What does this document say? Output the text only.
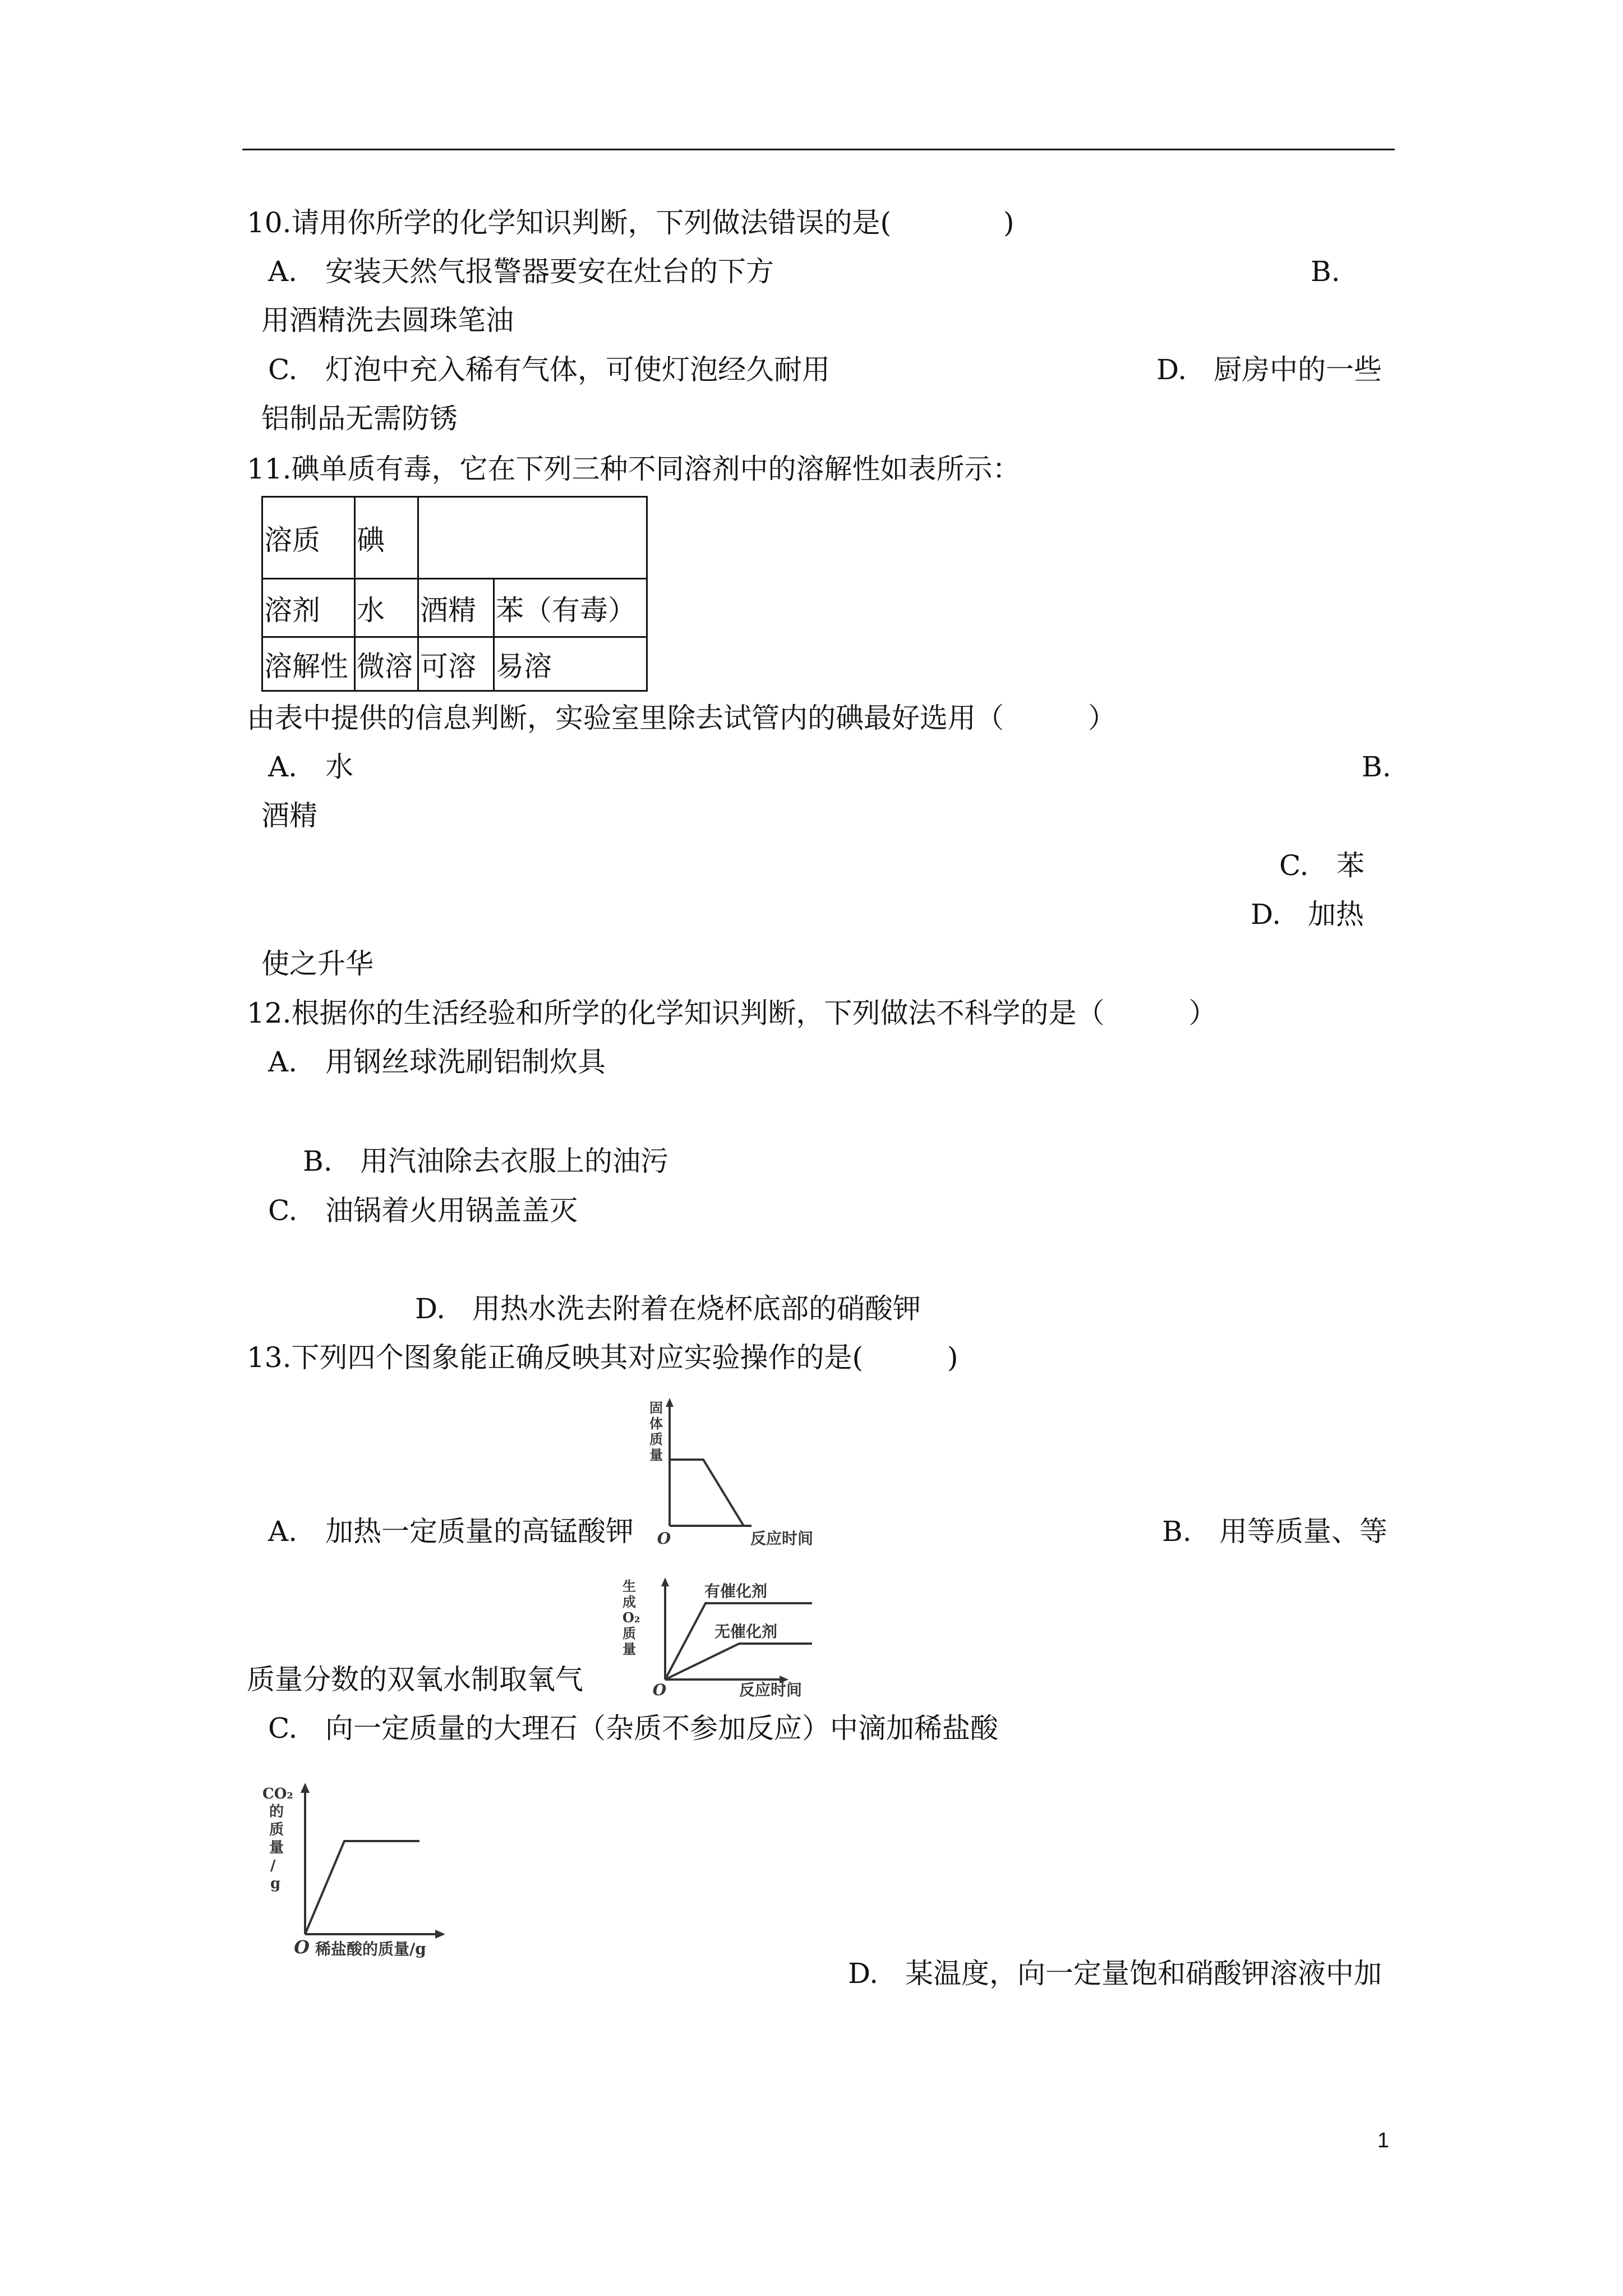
10.请用你所学的化学知识判断，下列做法错误的是(　　　　)
A. 安装天然气报警器要安在灶台的下方	B.
用酒精洗去圆珠笔油
C. 灯泡中充入稀有气体，可使灯泡经久耐用	D. 厨房中的一些
铝制品无需防锈
11.碘单质有毒，它在下列三种不同溶剂中的溶解性如表所示：
溶质	碘		
溶剂	水	酒精	苯（有毒）
溶解性	微溶	可溶	易溶
由表中提供的信息判断，实验室里除去试管内的碘最好选用（　　　）
A. 水	B.
酒精
C. 苯
D. 加热
使之升华
12.根据你的生活经验和所学的化学知识判断，下列做法不科学的是（　　　）
A. 用钢丝球洗刷铝制炊具
B. 用汽油除去衣服上的油污
C. 油锅着火用锅盖盖灭
D. 用热水洗去附着在烧杯底部的硝酸钾
13.下列四个图象能正确反映其对应实验操作的是(　　　)
固
体
质
量
O	反应时间
A. 加热一定质量的高锰酸钾	B. 用等质量、等
生
成
O₂
质
量
有催化剂
无催化剂
O	反应时间
质量分数的双氧水制取氧气
C. 向一定质量的大理石（杂质不参加反应）中滴加稀盐酸
CO₂
的
质
量
/
g
O 稀盐酸的质量/g
D. 某温度，向一定量饱和硝酸钾溶液中加
1
